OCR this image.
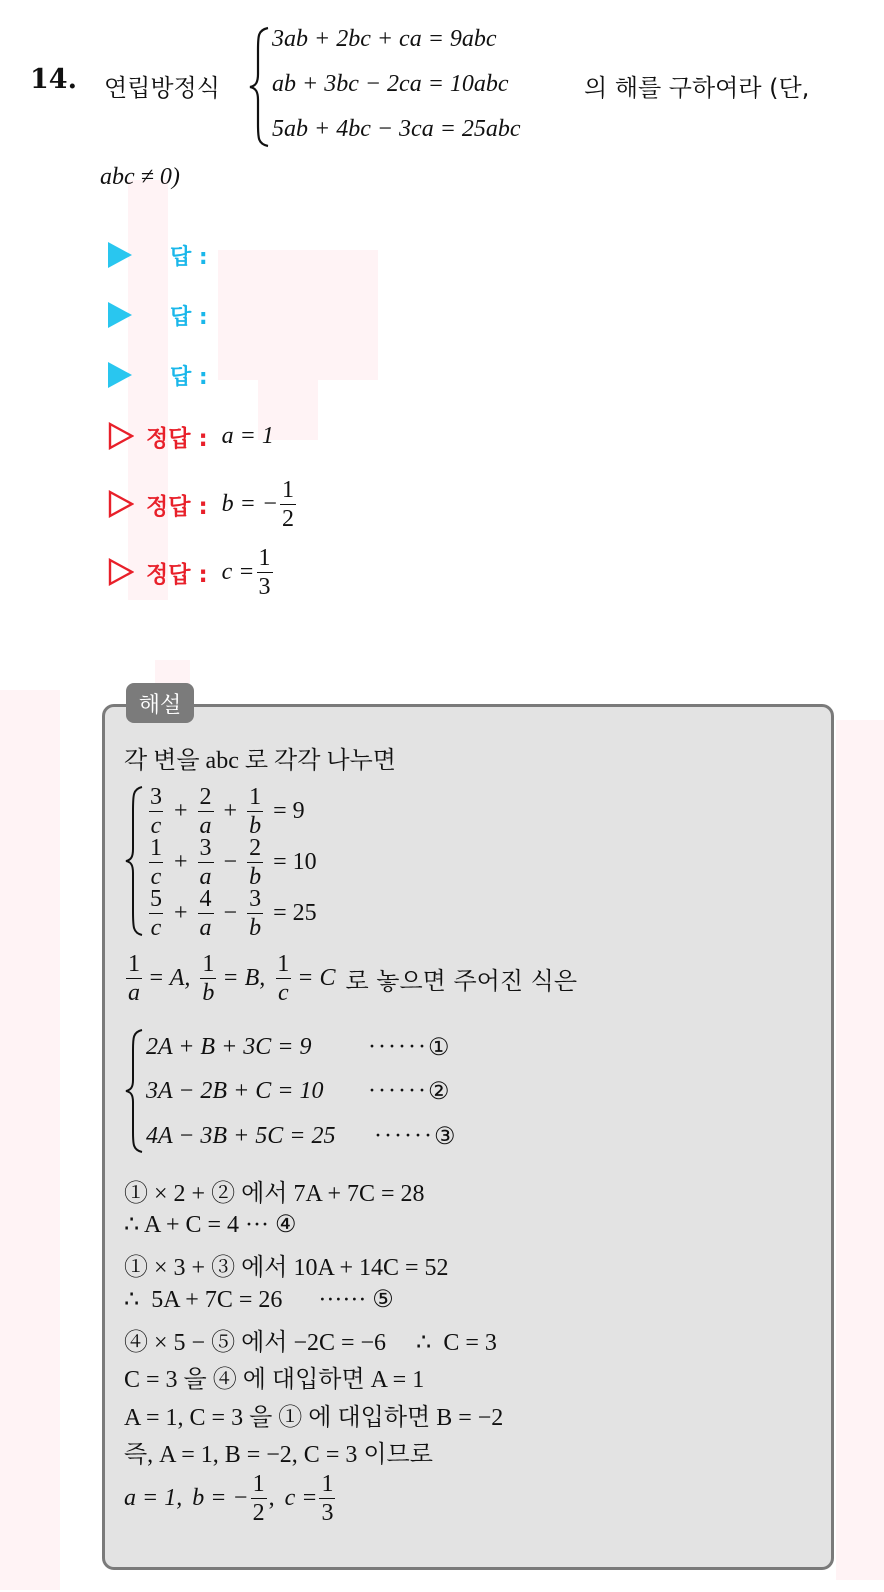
14. 연립방정식
3ab + 2bc + ca = 9abc
ab + 3bc − 2ca = 10abc
5ab + 4bc − 3ca = 25abc
의 해를 구하여라 (단,
abc ≠ 0)
답 :
답 :
답 :
정답 : a = 1
정답 : b = − $\frac{1}{2}$
정답 : $c = \frac{1}{3}$
해설
각 변을 abc 로 각각 나누면
$\frac{3}{c} + \frac{2}{a} + \frac{1}{b} = 9$
$\frac{1}{c} + \frac{3}{a} - \frac{2}{b} = 10$
$\frac{5}{c} + \frac{4}{a} - \frac{3}{b} = 25$
$\frac{1}{a} = A$, $\frac{1}{b} = B$, $\frac{1}{c} = C$ 로 놓으면 주어진 식은
2A + B + 3C = 9	······ ①
3A − 2B + C = 10	······ ②
4A − 3B + 5C = 25	······ ③
① × 2 + ② 에서 7A + 7C = 28
∴ A + C = 4 ··· ④
① × 3 + ③ 에서 10A + 14C = 52
∴  5A + 7C = 26      ······ ⑤
④ × 5 − ⑤ 에서 −2C = −6     ∴  C = 3
C = 3 을 ④ 에 대입하면 A = 1
A = 1, C = 3 을 ① 에 대입하면 B = −2
즉, A = 1, B = −2, C = 3 이므로
a = 1, b = − $\frac{1}{2}$ , $c = \frac{1}{3}$
